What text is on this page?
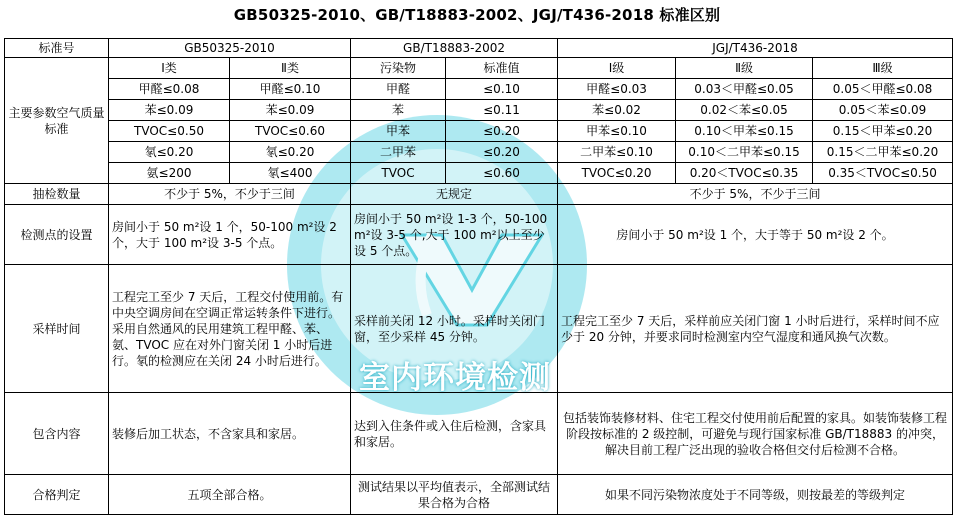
GB50325-2010、GB/T18883-2002、JGJ/T436-2018 标准区别
室内环境检测
标准号	GB50325-2010		GB/T18883-2002		JGJ/T436-2018		
主要参数空气质量标准	Ⅰ类	Ⅱ类	污染物	标准值	Ⅰ级	Ⅱ级	Ⅲ级
	甲醛≤0.08	甲醛≤0.10	甲醛	≤0.10	甲醛≤0.03	0.03＜甲醛≤0.05	0.05＜甲醛≤0.08
	苯≤0.09	苯≤0.09	苯	≤0.11	苯≤0.02	0.02＜苯≤0.05	0.05＜苯≤0.09
	TVOC≤0.50	TVOC≤0.60	甲苯	≤0.20	甲苯≤0.10	0.10＜甲苯≤0.15	0.15＜甲苯≤0.20
	氡≤0.20	氡≤0.20	二甲苯	≤0.20	二甲苯≤0.10	0.10＜二甲苯≤0.15	0.15＜二甲苯≤0.20
	氨≤200	氡≤400	TVOC	≤0.60	TVOC≤0.20	0.20＜TVOC≤0.35	0.35＜TVOC≤0.50
抽检数量	不少于 5%，不少于三间		无规定		不少于 5%，不少于三间		
检测点的设置	房间小于 50 m²设 1 个，50-100 m²设 2 个，大于 100 m²设 3-5 个点。		房间小于 50 m²设 1-3 个，50-100 m²设 3-5 个,大于 100 m²以上至少设 5 个点。		房间小于 50 m²设 1 个，大于等于 50 m²设 2 个。		
采样时间	工程完工至少 7 天后，工程交付使用前。有中央空调房间在空调正常运转条件下进行。采用自然通风的民用建筑工程甲醛、苯、氨、TVOC 应在对外门窗关闭 1 小时后进行。氡的检测应在关闭 24 小时后进行。		采样前关闭 12 小时。采样时关闭门窗，至少采样 45 分钟。		工程完工至少 7 天后，采样前应关闭门窗 1 小时后进行，采样时间不应少于 20 分钟，并要求同时检测室内空气湿度和通风换气次数。		
包含内容	装修后加工状态，不含家具和家居。		达到入住条件或入住后检测，含家具和家居。		包括装饰装修材料、住宅工程交付使用前后配置的家具。如装饰装修工程阶段按标准的 2 级控制，可避免与现行国家标准 GB/T18883 的冲突，解决目前工程广泛出现的验收合格但交付后检测不合格。		
合格判定	五项全部合格。		测试结果以平均值表示，全部测试结果合格为合格		如果不同污染物浓度处于不同等级，则按最差的等级判定		
